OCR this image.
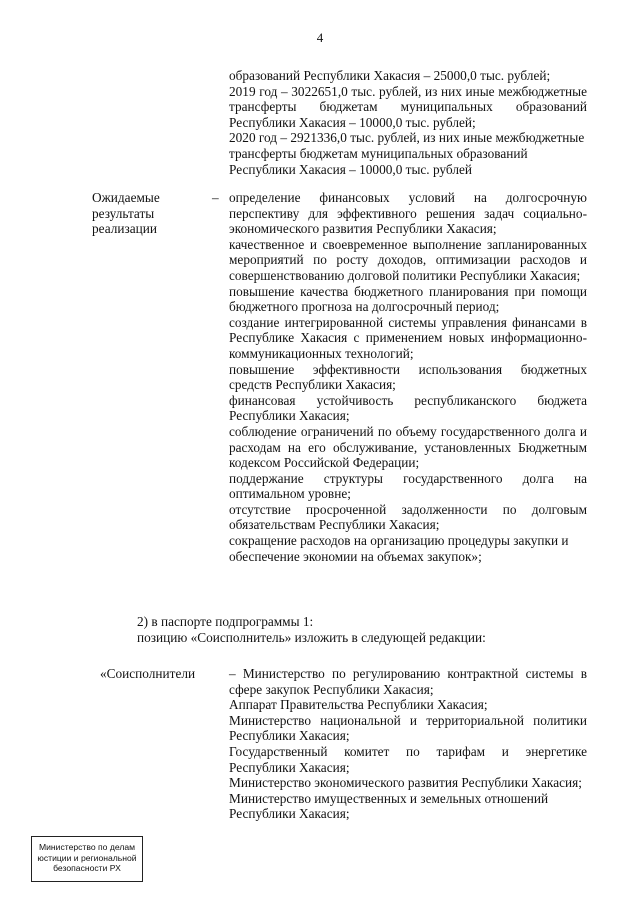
4

образований Республики Хакасия – 25000,0 тыс. рублей;

2019 год – 3022651,0 тыс. рублей, из них иные межбюджетные трансферты бюджетам муниципальных образований Республики Хакасия – 10000,0 тыс. рублей;

2020 год – 2921336,0 тыс. рублей, из них иные межбюджетные трансферты бюджетам муниципальных образований Республики Хакасия – 10000,0 тыс. рублей

Ожидаемые результаты реализации
– определение финансовых условий на долгосрочную перспективу для эффективного решения задач социально-экономического развития Республики Хакасия;

качественное и своевременное выполнение запланированных мероприятий по росту доходов, оптимизации расходов и совершенствованию долговой политики Республики Хакасия;

повышение качества бюджетного планирования при помощи бюджетного прогноза на долгосрочный период;

создание интегрированной системы управления финансами в Республике Хакасия с применением новых информационно-коммуникационных технологий;

повышение эффективности использования бюджетных средств Республики Хакасия;

финансовая устойчивость республиканского бюджета Республики Хакасия;

соблюдение ограничений по объему государственного долга и расходам на его обслуживание, установленных Бюджетным кодексом Российской Федерации;

поддержание структуры государственного долга на оптимальном уровне;

отсутствие просроченной задолженности по долговым обязательствам Республики Хакасия;

сокращение расходов на организацию процедуры закупки и обеспечение экономии на объемах закупок»;

2) в паспорте подпрограммы 1:
позицию «Соисполнитель» изложить в следующей редакции:
«Соисполнители	– Министерство по регулированию контрактной системы в сфере закупок Республики Хакасия;

Аппарат Правительства Республики Хакасия;

Министерство национальной и территориальной политики Республики Хакасия;

Государственный комитет по тарифам и энергетике Республики Хакасия;

Министерство экономического развития Республики Хакасия;

Министерство имущественных и земельных отношений Республики Хакасия;

Министерство по делам
юстиции и региональной
безопасности РХ
